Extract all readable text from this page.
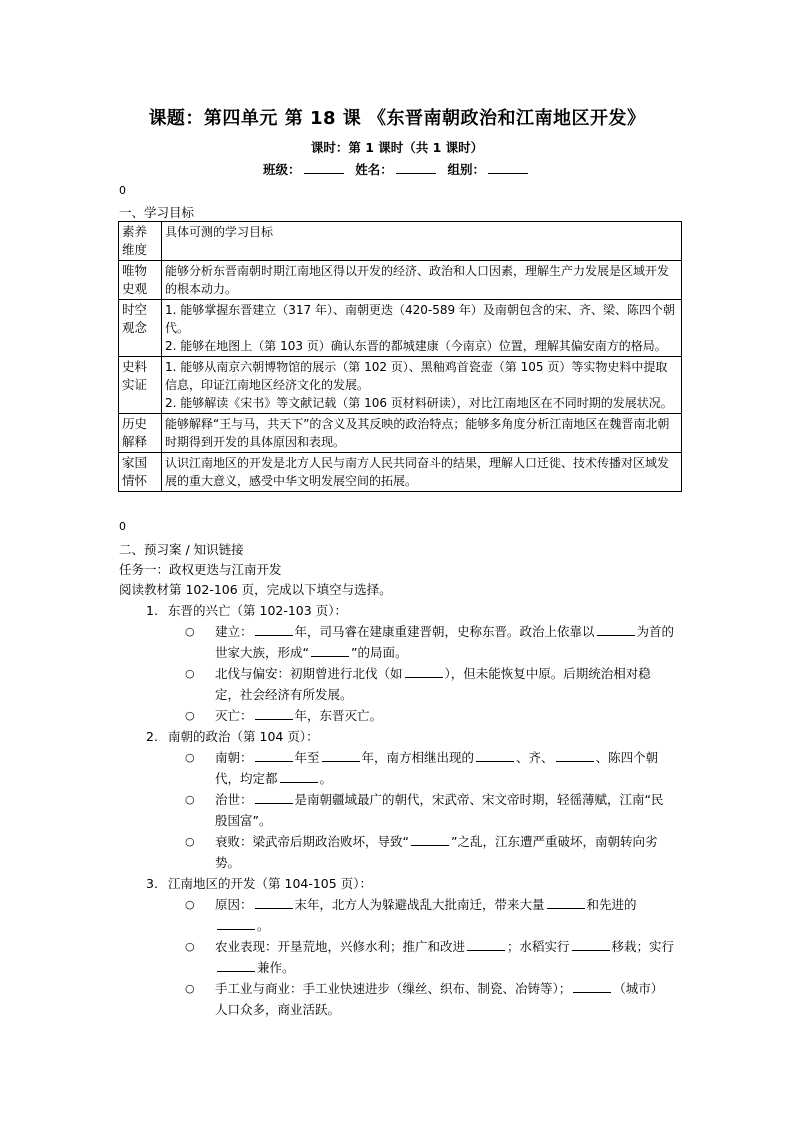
课题：第四单元 第 18 课 《东晋南朝政治和江南地区开发》
课时：第 1 课时（共 1 课时）
班级：	姓名：	组别：
0
一、学习目标
素养维度	具体可测的学习目标
唯物史观	能够分析东晋南朝时期江南地区得以开发的经济、政治和人口因素，理解生产力发展是区域开发的根本动力。

时空观念	1. 能够掌握东晋建立（317 年）、南朝更迭（420-589 年）及南朝包含的宋、齐、梁、陈四个朝代。
2. 能够在地图上（第 103 页）确认东晋的都城建康（今南京）位置，理解其偏安南方的格局。

史料实证	1. 能够从南京六朝博物馆的展示（第 102 页）、黑釉鸡首瓷壶（第 105 页）等实物史料中提取信息，印证江南地区经济文化的发展。
2. 能够解读《宋书》等文献记载（第 106 页材料研读），对比江南地区在不同时期的发展状况。

历史解释	能够解释“王与马，共天下”的含义及其反映的政治特点；能够多角度分析江南地区在魏晋南北朝时期得到开发的具体原因和表现。

家国情怀	认识江南地区的开发是北方人民与南方人民共同奋斗的结果，理解人口迁徙、技术传播对区域发展的重大意义，感受中华文明发展空间的拓展。
0
二、预习案 / 知识链接
任务一：政权更迭与江南开发
阅读教材第 102-106 页，完成以下填空与选择。
1. 东晋的兴亡（第 102-103 页）：
○ 建立：	年，司马睿在建康重建晋朝，史称东晋。政治上依靠以	为首的世家大族，形成“	”的局面。
○ 北伐与偏安：初期曾进行北伐（如	），但未能恢复中原。后期统治相对稳定，社会经济有所发展。
○ 灭亡：	年，东晋灭亡。
2. 南朝的政治（第 104 页）：
○ 南朝：	年至	年，南方相继出现的	、齐、	、陈四个朝代，均定都	。
○ 治世：	是南朝疆域最广的朝代，宋武帝、宋文帝时期，轻徭薄赋，江南“民殷国富”。
○ 衰败：梁武帝后期政治败坏，导致“	”之乱，江东遭严重破坏，南朝转向劣势。
3. 江南地区的开发（第 104-105 页）：
○ 原因：	末年，北方人为躲避战乱大批南迁，带来大量	和先进的。
○ 农业表现：开垦荒地，兴修水利；推广和改进	；水稻实行	移栽；实行兼作。
○ 手工业与商业：手工业快速进步（缫丝、织布、制瓷、冶铸等）；	（城市）人口众多，商业活跃。
